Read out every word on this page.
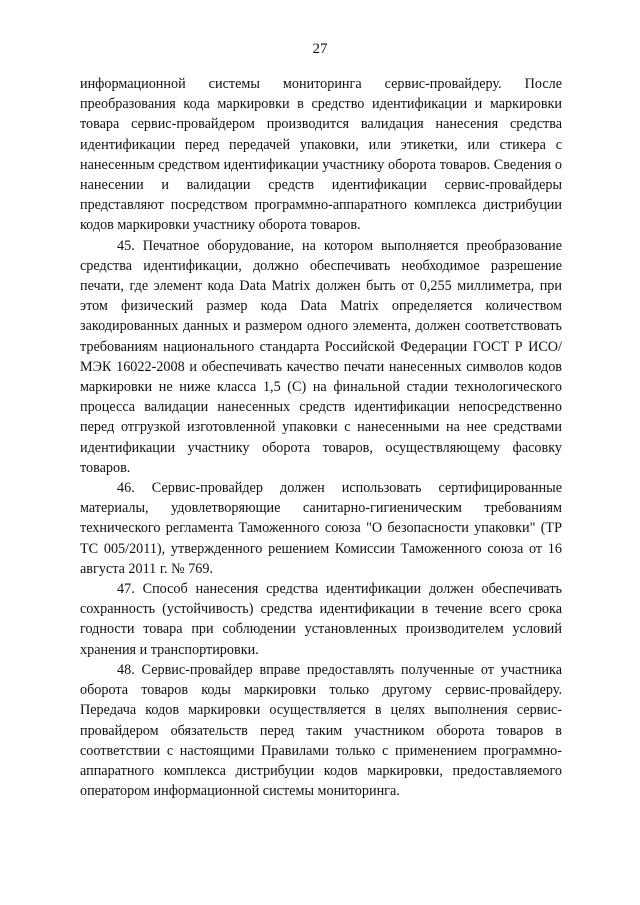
27

информационной системы мониторинга сервис-провайдеру. После преобразования кода маркировки в средство идентификации и маркировки товара сервис-провайдером производится валидация нанесения средства идентификации перед передачей упаковки, или этикетки, или стикера с нанесенным средством идентификации участнику оборота товаров. Сведения о нанесении и валидации средств идентификации сервис-провайдеры представляют посредством программно-аппаратного комплекса дистрибуции кодов маркировки участнику оборота товаров.

45. Печатное оборудование, на котором выполняется преобразование средства идентификации, должно обеспечивать необходимое разрешение печати, где элемент кода Data Matrix должен быть от 0,255 миллиметра, при этом физический размер кода Data Matrix определяется количеством закодированных данных и размером одного элемента, должен соответствовать требованиям национального стандарта Российской Федерации ГОСТ Р ИСО/МЭК 16022-2008 и обеспечивать качество печати нанесенных символов кодов маркировки не ниже класса 1,5 (C) на финальной стадии технологического процесса валидации нанесенных средств идентификации непосредственно перед отгрузкой изготовленной упаковки с нанесенными на нее средствами идентификации участнику оборота товаров, осуществляющему фасовку товаров.

46. Сервис-провайдер должен использовать сертифицированные материалы, удовлетворяющие санитарно-гигиеническим требованиям технического регламента Таможенного союза "О безопасности упаковки" (ТР ТС 005/2011), утвержденного решением Комиссии Таможенного союза от 16 августа 2011 г. № 769.

47. Способ нанесения средства идентификации должен обеспечивать сохранность (устойчивость) средства идентификации в течение всего срока годности товара при соблюдении установленных производителем условий хранения и транспортировки.

48. Сервис-провайдер вправе предоставлять полученные от участника оборота товаров коды маркировки только другому сервис-провайдеру. Передача кодов маркировки осуществляется в целях выполнения сервис-провайдером обязательств перед таким участником оборота товаров в соответствии с настоящими Правилами только с применением программно-аппаратного комплекса дистрибуции кодов маркировки, предоставляемого оператором информационной системы мониторинга.
